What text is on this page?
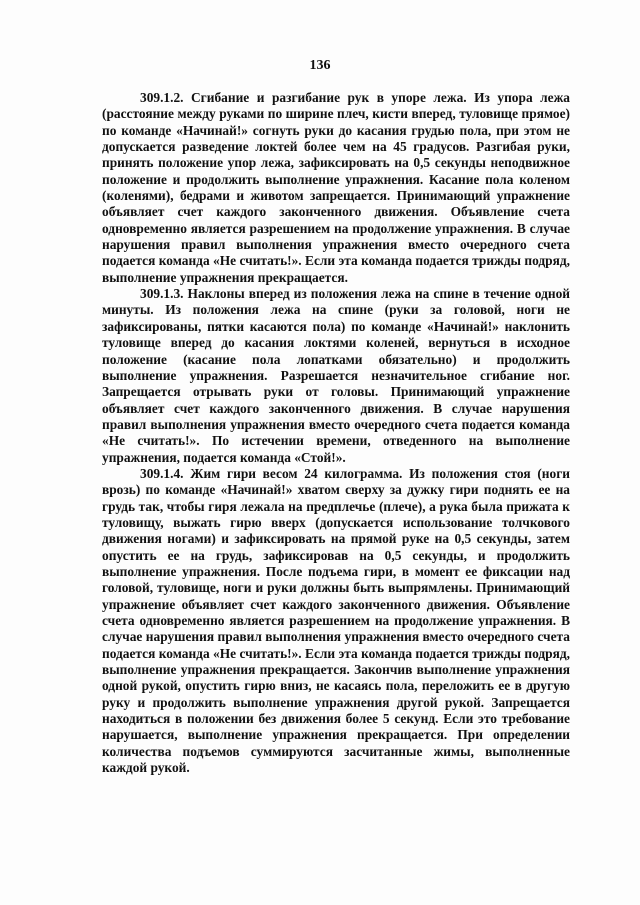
136

309.1.2. Сгибание и разгибание рук в упоре лежа. Из упора лежа (расстояние между руками по ширине плеч, кисти вперед, туловище прямое) по команде «Начинай!» согнуть руки до касания грудью пола, при этом не допускается разведение локтей более чем на 45 градусов. Разгибая руки, принять положение упор лежа, зафиксировать на 0,5 секунды неподвижное положение и продолжить выполнение упражнения. Касание пола коленом (коленями), бедрами и животом запрещается. Принимающий упражнение объявляет счет каждого законченного движения. Объявление счета одновременно является разрешением на продолжение упражнения. В случае нарушения правил выполнения упражнения вместо очередного счета подается команда «Не считать!». Если эта команда подается трижды подряд, выполнение упражнения прекращается.

309.1.3. Наклоны вперед из положения лежа на спине в течение одной минуты. Из положения лежа на спине (руки за головой, ноги не зафиксированы, пятки касаются пола) по команде «Начинай!» наклонить туловище вперед до касания локтями коленей, вернуться в исходное положение (касание пола лопатками обязательно) и продолжить выполнение упражнения. Разрешается незначительное сгибание ног. Запрещается отрывать руки от головы. Принимающий упражнение объявляет счет каждого законченного движения. В случае нарушения правил выполнения упражнения вместо очередного счета подается команда «Не считать!». По истечении времени, отведенного на выполнение упражнения, подается команда «Стой!».

309.1.4. Жим гири весом 24 килограмма. Из положения стоя (ноги врозь) по команде «Начинай!» хватом сверху за дужку гири поднять ее на грудь так, чтобы гиря лежала на предплечье (плече), а рука была прижата к туловищу, выжать гирю вверх (допускается использование толчкового движения ногами) и зафиксировать на прямой руке на 0,5 секунды, затем опустить ее на грудь, зафиксировав на 0,5 секунды, и продолжить выполнение упражнения. После подъема гири, в момент ее фиксации над головой, туловище, ноги и руки должны быть выпрямлены. Принимающий упражнение объявляет счет каждого законченного движения. Объявление счета одновременно является разрешением на продолжение упражнения. В случае нарушения правил выполнения упражнения вместо очередного счета подается команда «Не считать!». Если эта команда подается трижды подряд, выполнение упражнения прекращается. Закончив выполнение упражнения одной рукой, опустить гирю вниз, не касаясь пола, переложить ее в другую руку и продолжить выполнение упражнения другой рукой. Запрещается находиться в положении без движения более 5 секунд. Если это требование нарушается, выполнение упражнения прекращается. При определении количества подъемов суммируются засчитанные жимы, выполненные каждой рукой.
